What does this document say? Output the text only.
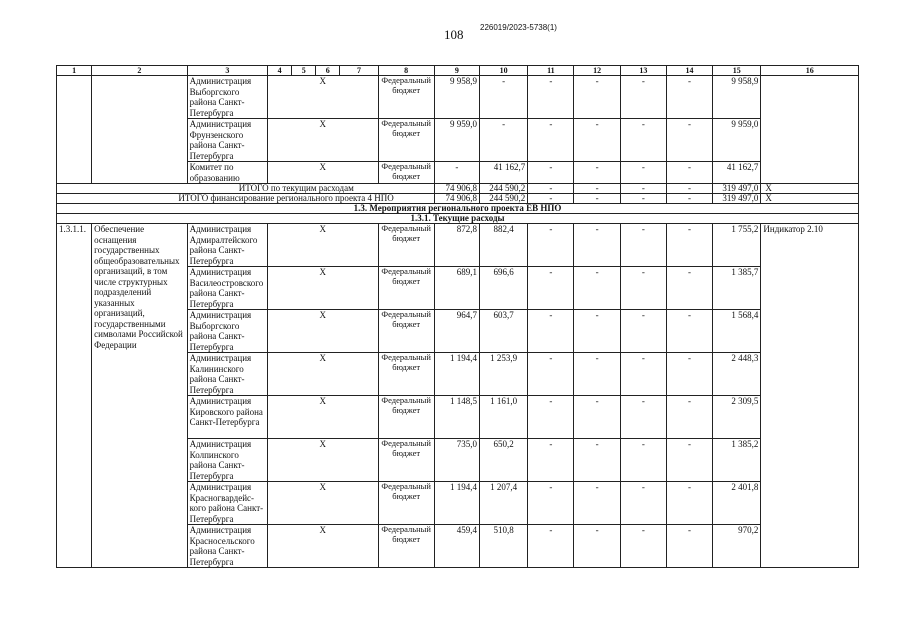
108 226019/2023-5738(1)
1	2	3	4	5	6	7	8	9	10	11	12	13	14	15	16
		Администрация Выборгского района Санкт-Петербурга	Х				Федеральный бюджет	9 958,9	-	-	-	-	-	9 958,9	
		Администрация Фрунзенского района Санкт-Петербурга	Х				Федеральный бюджет	9 959,0	-	-	-	-	-	9 959,0	
		Комитет по образованию	Х				Федеральный бюджет	-	41 162,7	-	-	-	-	41 162,7	
ИТОГО по текущим расходам								74 906,8	244 590,2	-	-	-	-	319 497,0	Х
ИТОГО финансирование регионального проекта 4 НПО								74 906,8	244 590,2	-	-	-	-	319 497,0	Х
1.3. Мероприятия регионального проекта ЕВ НПО															
1.3.1. Текущие расходы															
1.3.1.1.	Обеспечение оснащения государственных общеобразовательных организаций, в том числе структурных подразделений указанных организаций, государственными символами Российской Федерации	Администрация Адмиралтейского района Санкт-Петербурга	Х				Федеральный бюджет	872,8	882,4	-	-	-	-	1 755,2	Индикатор 2.10
		Администрация Василеостровского района Санкт-Петербурга	Х				Федеральный бюджет	689,1	696,6	-	-	-	-	1 385,7	
		Администрация Выборгского района Санкт-Петербурга	Х				Федеральный бюджет	964,7	603,7	-	-	-	-	1 568,4	
		Администрация Калининского района Санкт-Петербурга	Х				Федеральный бюджет	1 194,4	1 253,9	-	-	-	-	2 448,3	
		Администрация Кировского района Санкт-Петербурга	Х				Федеральный бюджет	1 148,5	1 161,0	-	-	-	-	2 309,5	
		Администрация Колпинского района Санкт-Петербурга	Х				Федеральный бюджет	735,0	650,2	-	-	-	-	1 385,2	
		Администрация Красногвардейс-кого района Санкт-Петербурга	Х				Федеральный бюджет	1 194,4	1 207,4	-	-	-	-	2 401,8	
		Администрация Красносельского района Санкт-Петербурга	Х				Федеральный бюджет	459,4	510,8	-	-	-	-	970,2	
